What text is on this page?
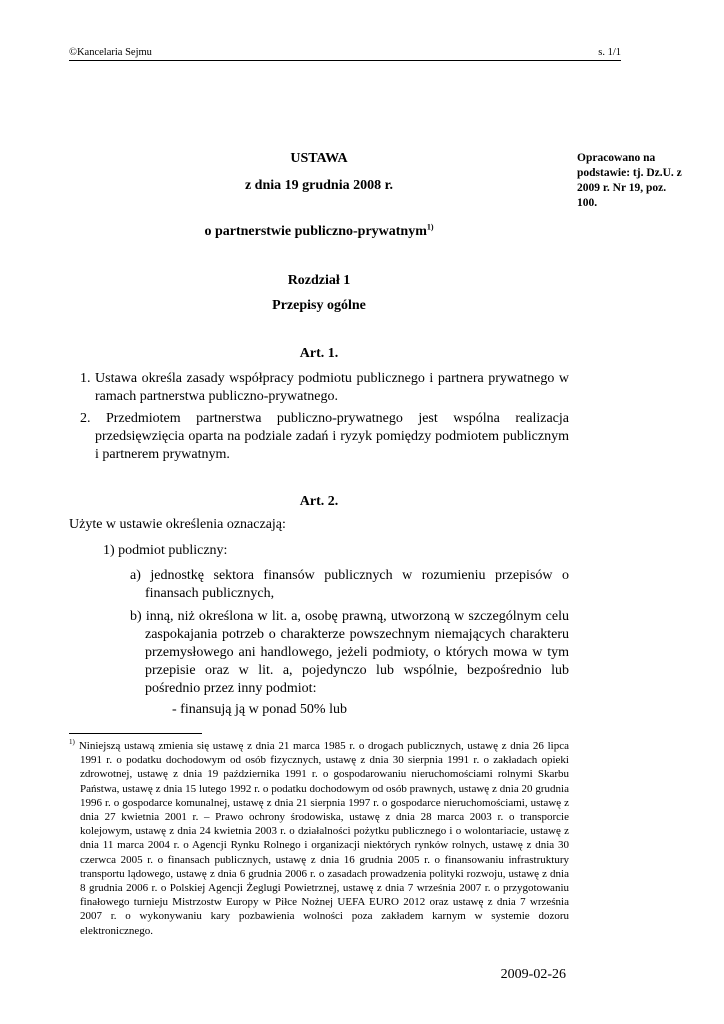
©Kancelaria Sejmu	s. 1/1
Opracowano na podstawie: tj. Dz.U. z 2009 r. Nr 19, poz. 100.
USTAWA
z dnia 19 grudnia 2008 r.
o partnerstwie publiczno-prywatnym$^{1)}$
Rozdział 1
Przepisy ogólne
Art. 1.
1. Ustawa określa zasady współpracy podmiotu publicznego i partnera prywatnego w ramach partnerstwa publiczno-prywatnego.
2. Przedmiotem partnerstwa publiczno-prywatnego jest wspólna realizacja przedsięwzięcia oparta na podziale zadań i ryzyk pomiędzy podmiotem publicznym i partnerem prywatnym.
Art. 2.
Użyte w ustawie określenia oznaczają:
1) podmiot publiczny:
a) jednostkę sektora finansów publicznych w rozumieniu przepisów o finansach publicznych,
b) inną, niż określona w lit. a, osobę prawną, utworzoną w szczególnym celu zaspokajania potrzeb o charakterze powszechnym niemających charakteru przemysłowego ani handlowego, jeżeli podmioty, o których mowa w tym przepisie oraz w lit. a, pojedynczo lub wspólnie, bezpośrednio lub pośrednio przez inny podmiot:
- finansują ją w ponad 50% lub
$^{1)}$ Niniejszą ustawą zmienia się ustawę z dnia 21 marca 1985 r. o drogach publicznych, ustawę z dnia 26 lipca 1991 r. o podatku dochodowym od osób fizycznych, ustawę z dnia 30 sierpnia 1991 r. o zakładach opieki zdrowotnej, ustawę z dnia 19 października 1991 r. o gospodarowaniu nieruchomościami rolnymi Skarbu Państwa, ustawę z dnia 15 lutego 1992 r. o podatku dochodowym od osób prawnych, ustawę z dnia 20 grudnia 1996 r. o gospodarce komunalnej, ustawę z dnia 21 sierpnia 1997 r. o gospodarce nieruchomościami, ustawę z dnia 27 kwietnia 2001 r. – Prawo ochrony środowiska, ustawę z dnia 28 marca 2003 r. o transporcie kolejowym, ustawę z dnia 24 kwietnia 2003 r. o działalności pożytku publicznego i o wolontariacie, ustawę z dnia 11 marca 2004 r. o Agencji Rynku Rolnego i organizacji niektórych rynków rolnych, ustawę z dnia 30 czerwca 2005 r. o finansach publicznych, ustawę z dnia 16 grudnia 2005 r. o finansowaniu infrastruktury transportu lądowego, ustawę z dnia 6 grudnia 2006 r. o zasadach prowadzenia polityki rozwoju, ustawę z dnia 8 grudnia 2006 r. o Polskiej Agencji Żeglugi Powietrznej, ustawę z dnia 7 września 2007 r. o przygotowaniu finałowego turnieju Mistrzostw Europy w Piłce Nożnej UEFA EURO 2012 oraz ustawę z dnia 7 września 2007 r. o wykonywaniu kary pozbawienia wolności poza zakładem karnym w systemie dozoru elektronicznego.
2009-02-26
